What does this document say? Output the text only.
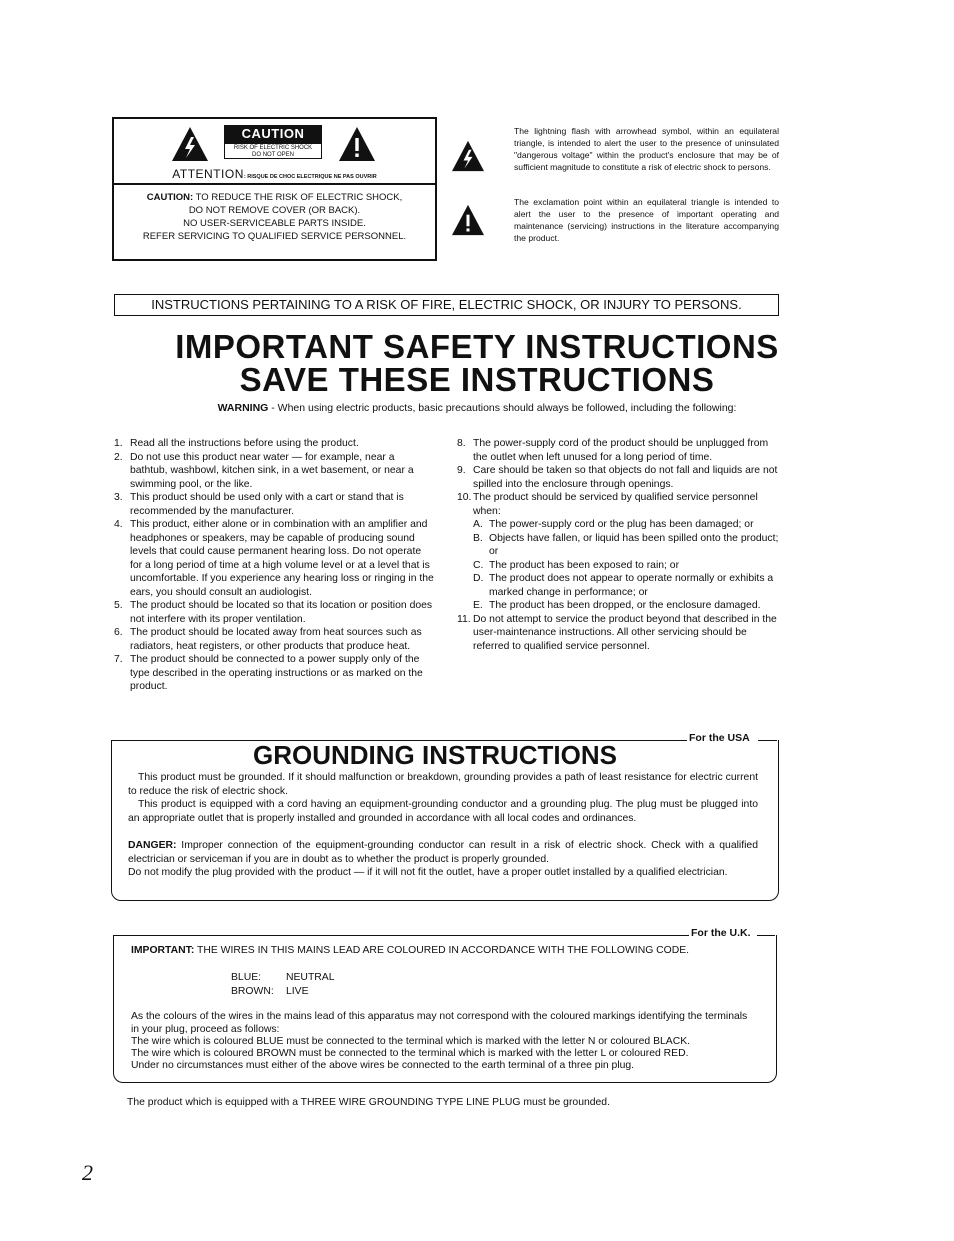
CAUTION
RISK OF ELECTRIC SHOCK
DO NOT OPEN
ATTENTION: RISQUE DE CHOC ELECTRIQUE NE PAS OUVRIR
CAUTION: TO REDUCE THE RISK OF ELECTRIC SHOCK,
DO NOT REMOVE COVER (OR BACK).
NO USER-SERVICEABLE PARTS INSIDE.
REFER SERVICING TO QUALIFIED SERVICE PERSONNEL.
The lightning flash with arrowhead symbol, within an equilateral triangle, is intended to alert the user to the presence of uninsulated "dangerous voltage" within the product's enclosure that may be of sufficient magnitude to constitute a risk of electric shock to persons.
The exclamation point within an equilateral triangle is intended to alert the user to the presence of important operating and maintenance (servicing) instructions in the literature accompanying the product.
INSTRUCTIONS PERTAINING TO A RISK OF FIRE, ELECTRIC SHOCK, OR INJURY TO PERSONS.
IMPORTANT SAFETY INSTRUCTIONS
SAVE THESE INSTRUCTIONS
WARNING - When using electric products, basic precautions should always be followed, including the following:
1. Read all the instructions before using the product.
2. Do not use this product near water — for example, near a bathtub, washbowl, kitchen sink, in a wet basement, or near a swimming pool, or the like.
3. This product should be used only with a cart or stand that is recommended by the manufacturer.
4. This product, either alone or in combination with an amplifier and headphones or speakers, may be capable of producing sound levels that could cause permanent hearing loss. Do not operate for a long period of time at a high volume level or at a level that is uncomfortable. If you experience any hearing loss or ringing in the ears, you should consult an audiologist.
5. The product should be located so that its location or position does not interfere with its proper ventilation.
6. The product should be located away from heat sources such as radiators, heat registers, or other products that produce heat.
7. The product should be connected to a power supply only of the type described in the operating instructions or as marked on the product.
8. The power-supply cord of the product should be unplugged from the outlet when left unused for a long period of time.
9. Care should be taken so that objects do not fall and liquids are not spilled into the enclosure through openings.
10. The product should be serviced by qualified service personnel when:
A. The power-supply cord or the plug has been damaged; or
B. Objects have fallen, or liquid has been spilled onto the product; or
C. The product has been exposed to rain; or
D. The product does not appear to operate normally or exhibits a marked change in performance; or
E. The product has been dropped, or the enclosure damaged.
11. Do not attempt to service the product beyond that described in the user-maintenance instructions. All other servicing should be referred to qualified service personnel.
For the USA
GROUNDING INSTRUCTIONS
This product must be grounded. If it should malfunction or breakdown, grounding provides a path of least resistance for electric current to reduce the risk of electric shock.
This product is equipped with a cord having an equipment-grounding conductor and a grounding plug. The plug must be plugged into an appropriate outlet that is properly installed and grounded in accordance with all local codes and ordinances.
DANGER: Improper connection of the equipment-grounding conductor can result in a risk of electric shock. Check with a qualified electrician or serviceman if you are in doubt as to whether the product is properly grounded.
Do not modify the plug provided with the product — if it will not fit the outlet, have a proper outlet installed by a qualified electrician.
For the U.K.
IMPORTANT: THE WIRES IN THIS MAINS LEAD ARE COLOURED IN ACCORDANCE WITH THE FOLLOWING CODE.
BLUE: NEUTRAL
BROWN: LIVE
As the colours of the wires in the mains lead of this apparatus may not correspond with the coloured markings identifying the terminals in your plug, proceed as follows:
The wire which is coloured BLUE must be connected to the terminal which is marked with the letter N or coloured BLACK.
The wire which is coloured BROWN must be connected to the terminal which is marked with the letter L or coloured RED.
Under no circumstances must either of the above wires be connected to the earth terminal of a three pin plug.
The product which is equipped with a THREE WIRE GROUNDING TYPE LINE PLUG must be grounded.
2
